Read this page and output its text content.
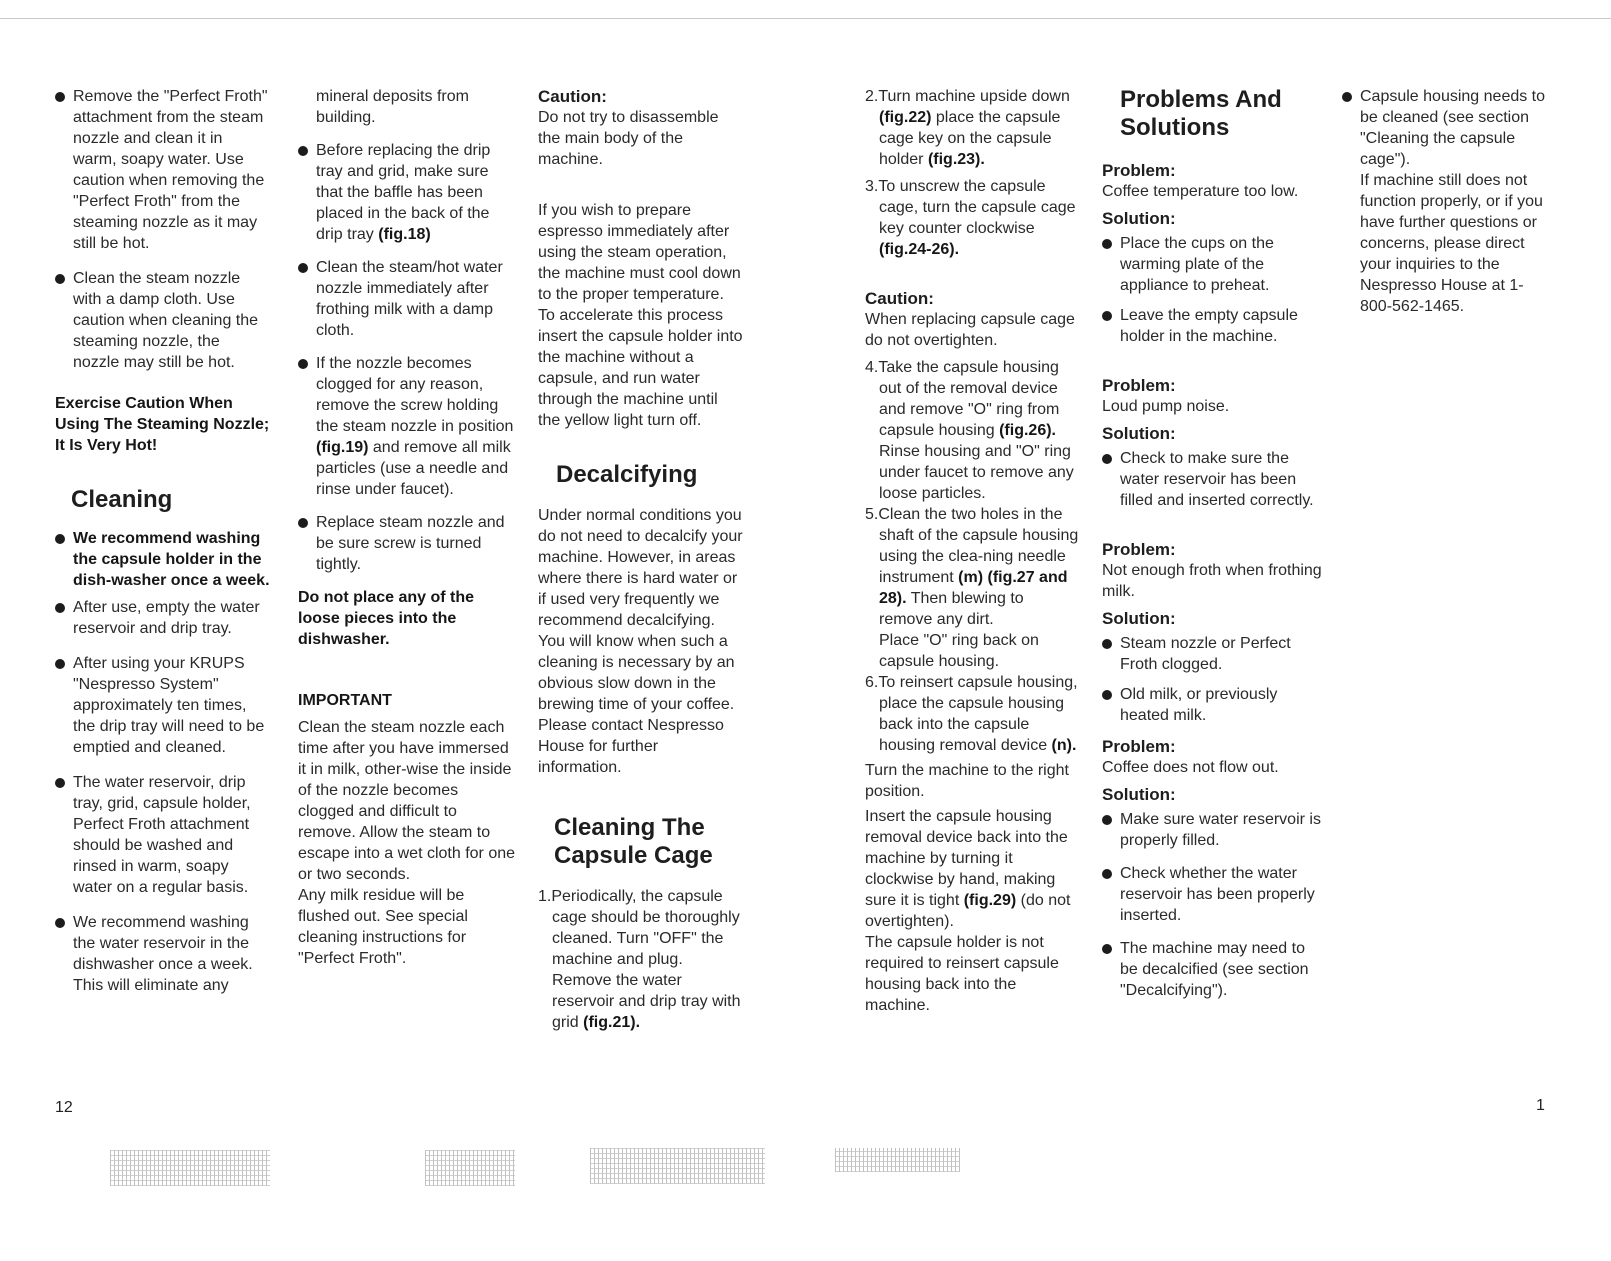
Remove the "Perfect Froth" attachment from the steam nozzle and clean it in warm, soapy water. Use caution when removing the "Perfect Froth" from the steaming nozzle as it may still be hot.

Clean the steam nozzle with a damp cloth. Use caution when cleaning the steaming nozzle, the nozzle may still be hot.

Exercise Caution When Using The Steaming Nozzle; It Is Very Hot!

Cleaning

We recommend washing the capsule holder in the dish-washer once a week.

After use, empty the water reservoir and drip tray.

After using your KRUPS "Nespresso System" approximately ten times, the drip tray will need to be emptied and cleaned.

The water reservoir, drip tray, grid, capsule holder, Perfect Froth attachment should be washed and rinsed in warm, soapy water on a regular basis.

We recommend washing the water reservoir in the dishwasher once a week. This will eliminate any

mineral deposits from building.

Before replacing the drip tray and grid, make sure that the baffle has been placed in the back of the drip tray (fig.18)

Clean the steam/hot water nozzle immediately after frothing milk with a damp cloth.

If the nozzle becomes clogged for any reason, remove the screw holding the steam nozzle in position (fig.19) and remove all milk particles (use a needle and rinse under faucet).

Replace steam nozzle and be sure screw is turned tightly.

Do not place any of the loose pieces into the dishwasher.

IMPORTANT

Clean the steam nozzle each time after you have immersed it in milk, other-wise the inside of the nozzle becomes clogged and difficult to remove. Allow the steam to escape into a wet cloth for one or two seconds.

Any milk residue will be flushed out. See special cleaning instructions for "Perfect Froth".

Caution:

Do not try to disassemble the main body of the machine.

If you wish to prepare espresso immediately after using the steam operation, the machine must cool down to the proper temperature. To accelerate this process insert the capsule holder into the machine without a capsule, and run water through the machine until the yellow light turn off.

Decalcifying

Under normal conditions you do not need to decalcify your machine. However, in areas where there is hard water or if used very frequently we recommend decalcifying. You will know when such a cleaning is necessary by an obvious slow down in the brewing time of your coffee. Please contact Nespresso House for further information.

Cleaning The Capsule Cage

1.Periodically, the capsule cage should be thoroughly cleaned. Turn "OFF" the machine and plug. Remove the water reservoir and drip tray with grid (fig.21).

2.Turn machine upside down (fig.22) place the capsule cage key on the capsule holder (fig.23).

3.To unscrew the capsule cage, turn the capsule cage key counter clockwise (fig.24-26).

Caution:

When replacing capsule cage do not overtighten.

4.Take the capsule housing out of the removal device and remove "O" ring from capsule housing (fig.26). Rinse housing and "O" ring under faucet to remove any loose particles.

5.Clean the two holes in the shaft of the capsule housing using the clea-ning needle instrument (m) (fig.27 and 28). Then blewing to remove any dirt.

Place "O" ring back on capsule housing.

6.To reinsert capsule housing, place the capsule housing back into the capsule housing removal device (n).

Turn the machine to the right position.

Insert the capsule housing removal device back into the machine by turning it clockwise by hand, making sure it is tight (fig.29) (do not overtighten).

The capsule holder is not required to reinsert capsule housing back into the machine.

Problems And Solutions

Problem:

Coffee temperature too low.

Solution:

Place the cups on the warming plate of the appliance to preheat.

Leave the empty capsule holder in the machine.

Problem:

Loud pump noise.

Solution:

Check to make sure the water reservoir has been filled and inserted correctly.

Problem:

Not enough froth when frothing milk.

Solution:

Steam nozzle or Perfect Froth clogged.

Old milk, or previously heated milk.

Problem:

Coffee does not flow out.

Solution:

Make sure water reservoir is properly filled.

Check whether the water reservoir has been properly inserted.

The machine may need to be decalcified (see section "Decalcifying").

Capsule housing needs to be cleaned (see section "Cleaning the capsule cage").

If machine still does not function properly, or if you have further questions or concerns, please direct your inquiries to the Nespresso House at 1-800-562-1465.

12	1
